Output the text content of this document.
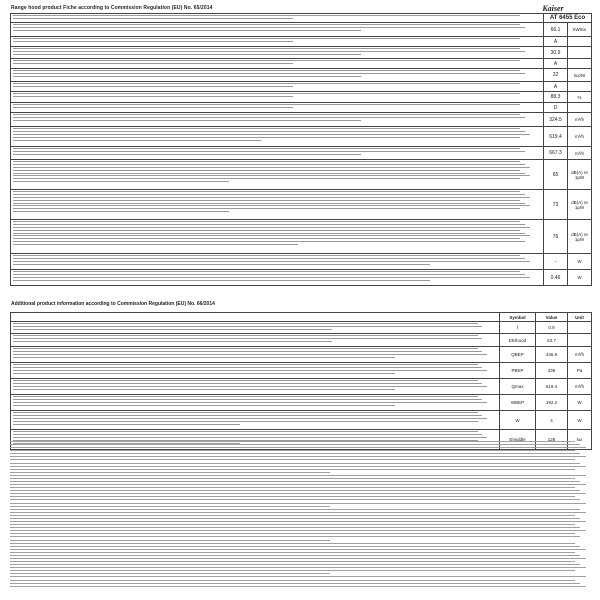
Range hood product Fiche according to Commission Regulation (EU) No. 65/2014	Kaiser
	AT 6455 Eco	

	66.1	kWh/a

	A	

	30.9	

	A	

	32	lux/W

	A	

	88.3	%

	D	

	324.5	m³/h

	619.4	m³/h

	667.3	m³/h

	65	dB(A) re 1pW

	73	dB(A) re 1pW

	76	dB(A) re 1pW

	-	W

	0.46	W
Additional product information according to Commission Regulation (EU) No. 66/2014
	Symbol	Value	Unit

	f	0.9	

	EEIhood	53.7	

	QBEP	446.9	m³/h

	PBEP	439	Pa

	Qmax	619.4	m³/h

	WBEP	192.2	W

	W	4	W

	Emiddle	128	lux
